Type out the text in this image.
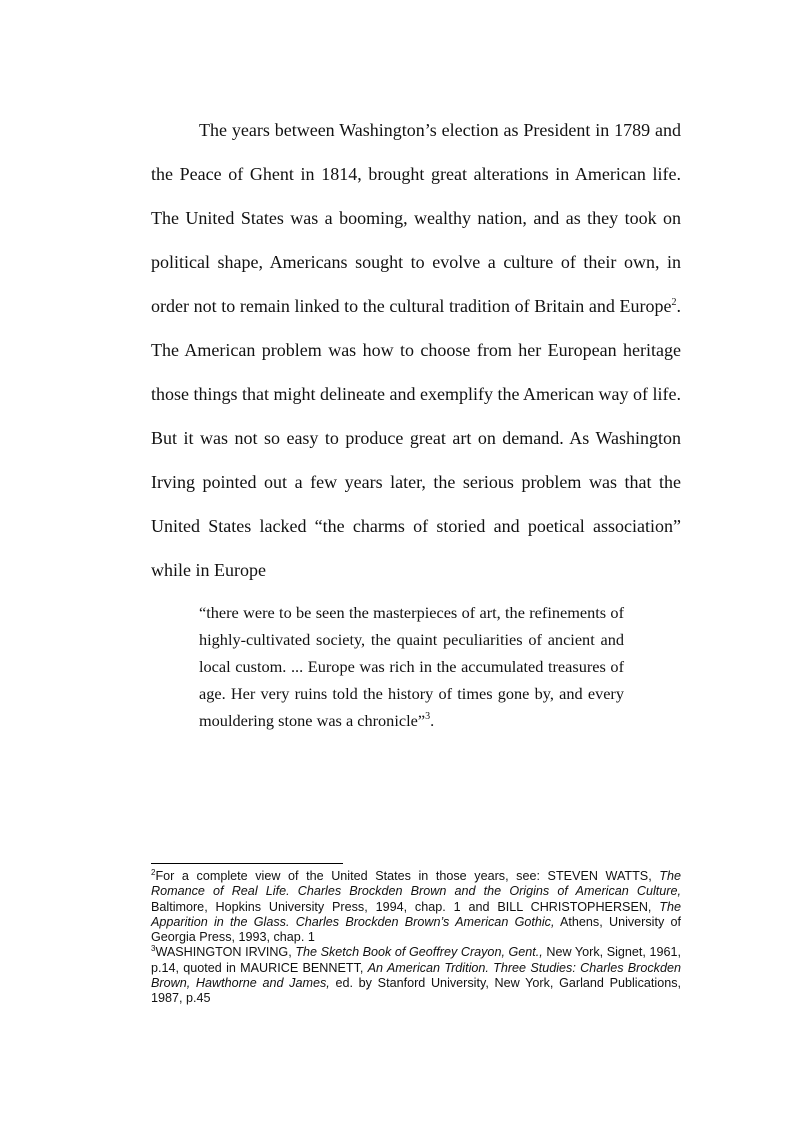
The years between Washington’s election as President in 1789 and the Peace of Ghent in 1814, brought great alterations in American life. The United States was a booming, wealthy nation, and as they took on political shape, Americans sought to evolve a culture of their own, in order not to remain linked to the cultural tradition of Britain and Europe$^2$. The American problem was how to choose from her European heritage those things that might delineate and exemplify the American way of life. But it was not so easy to produce great art on demand. As Washington Irving pointed out a few years later, the serious problem was that the United States lacked “the charms of storied and poetical association” while in Europe

“there were to be seen the masterpieces of art, the refinements of highly-cultivated society, the quaint peculiarities of ancient and local custom. ... Europe was rich in the accumulated treasures of age. Her very ruins told the history of times gone by, and every mouldering stone was a chronicle”$^3$.

$^2$For a complete view of the United States in those years, see: STEVEN WATTS, The Romance of Real Life. Charles Brockden Brown and the Origins of American Culture, Baltimore, Hopkins University Press, 1994, chap. 1 and BILL CHRISTOPHERSEN, The Apparition in the Glass. Charles Brockden Brown’s American Gothic, Athens, University of Georgia Press, 1993, chap. 1

$^3$WASHINGTON IRVING, The Sketch Book of Geoffrey Crayon, Gent., New York, Signet, 1961, p.14, quoted in MAURICE BENNETT, An American Trdition. Three Studies: Charles Brockden Brown, Hawthorne and James, ed. by Stanford University, New York, Garland Publications, 1987, p.45
